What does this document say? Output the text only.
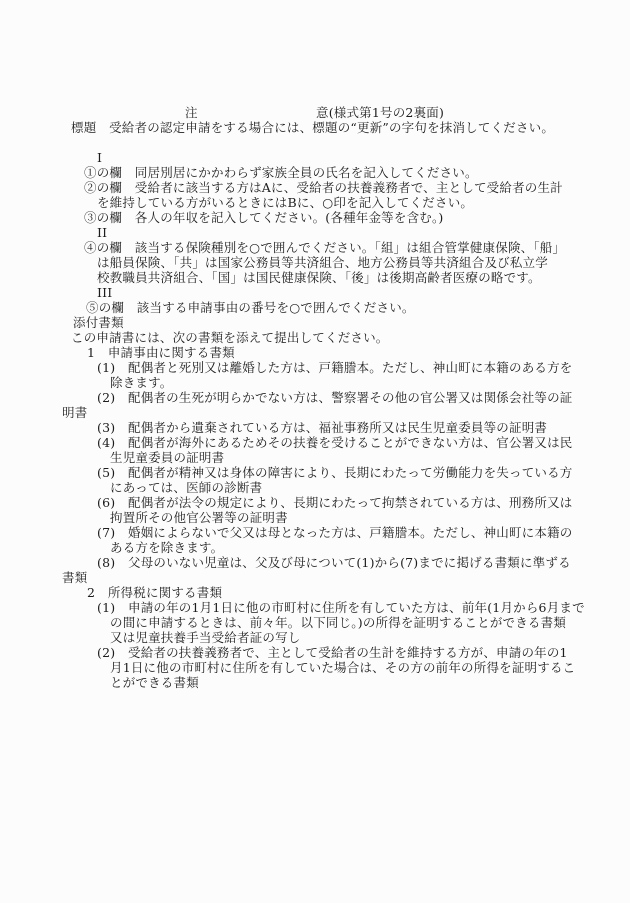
注

	意(様式第1号の2裏面)

標題　受給者の認定申請をする場合には、標題の“更新”の字句を抹消してください。
I
①の欄　同居別居にかかわらず家族全員の氏名を記入してください。
②の欄　受給者に該当する方はAに、受給者の扶養義務者で、主として受給者の生計
を維持している方がいるときにはBに、○印を記入してください。
③の欄　各人の年収を記入してください。(各種年金等を含む。)
II
④の欄　該当する保険種別を○で囲んでください。「組」は組合管掌健康保険、「船」
は船員保険、「共」は国家公務員等共済組合、地方公務員等共済組合及び私立学
校教職員共済組合、「国」は国民健康保険、「後」は後期高齢者医療の略です。
III
⑤の欄　該当する申請事由の番号を○で囲んでください。
添付書類
この申請書には、次の書類を添えて提出してください。
1　申請事由に関する書類
(1)　配偶者と死別又は離婚した方は、戸籍謄本。ただし、神山町に本籍のある方を
除きます。
(2)　配偶者の生死が明らかでない方は、警察署その他の官公署又は関係会社等の証
明書
(3)　配偶者から遺棄されている方は、福祉事務所又は民生児童委員等の証明書
(4)　配偶者が海外にあるためその扶養を受けることができない方は、官公署又は民
生児童委員の証明書
(5)　配偶者が精神又は身体の障害により、長期にわたって労働能力を失っている方
にあっては、医師の診断書
(6)　配偶者が法令の規定により、長期にわたって拘禁されている方は、刑務所又は
拘置所その他官公署等の証明書
(7)　婚姻によらないで父又は母となった方は、戸籍謄本。ただし、神山町に本籍の
ある方を除きます。
(8)　父母のいない児童は、父及び母について(1)から(7)までに掲げる書類に準ずる
書類
2　所得税に関する書類
(1)　申請の年の1月1日に他の市町村に住所を有していた方は、前年(1月から6月まで
の間に申請するときは、前々年。以下同じ。)の所得を証明することができる書類
又は児童扶養手当受給者証の写し
(2)　受給者の扶養義務者で、主として受給者の生計を維持する方が、申請の年の1
月1日に他の市町村に住所を有していた場合は、その方の前年の所得を証明するこ
とができる書類
